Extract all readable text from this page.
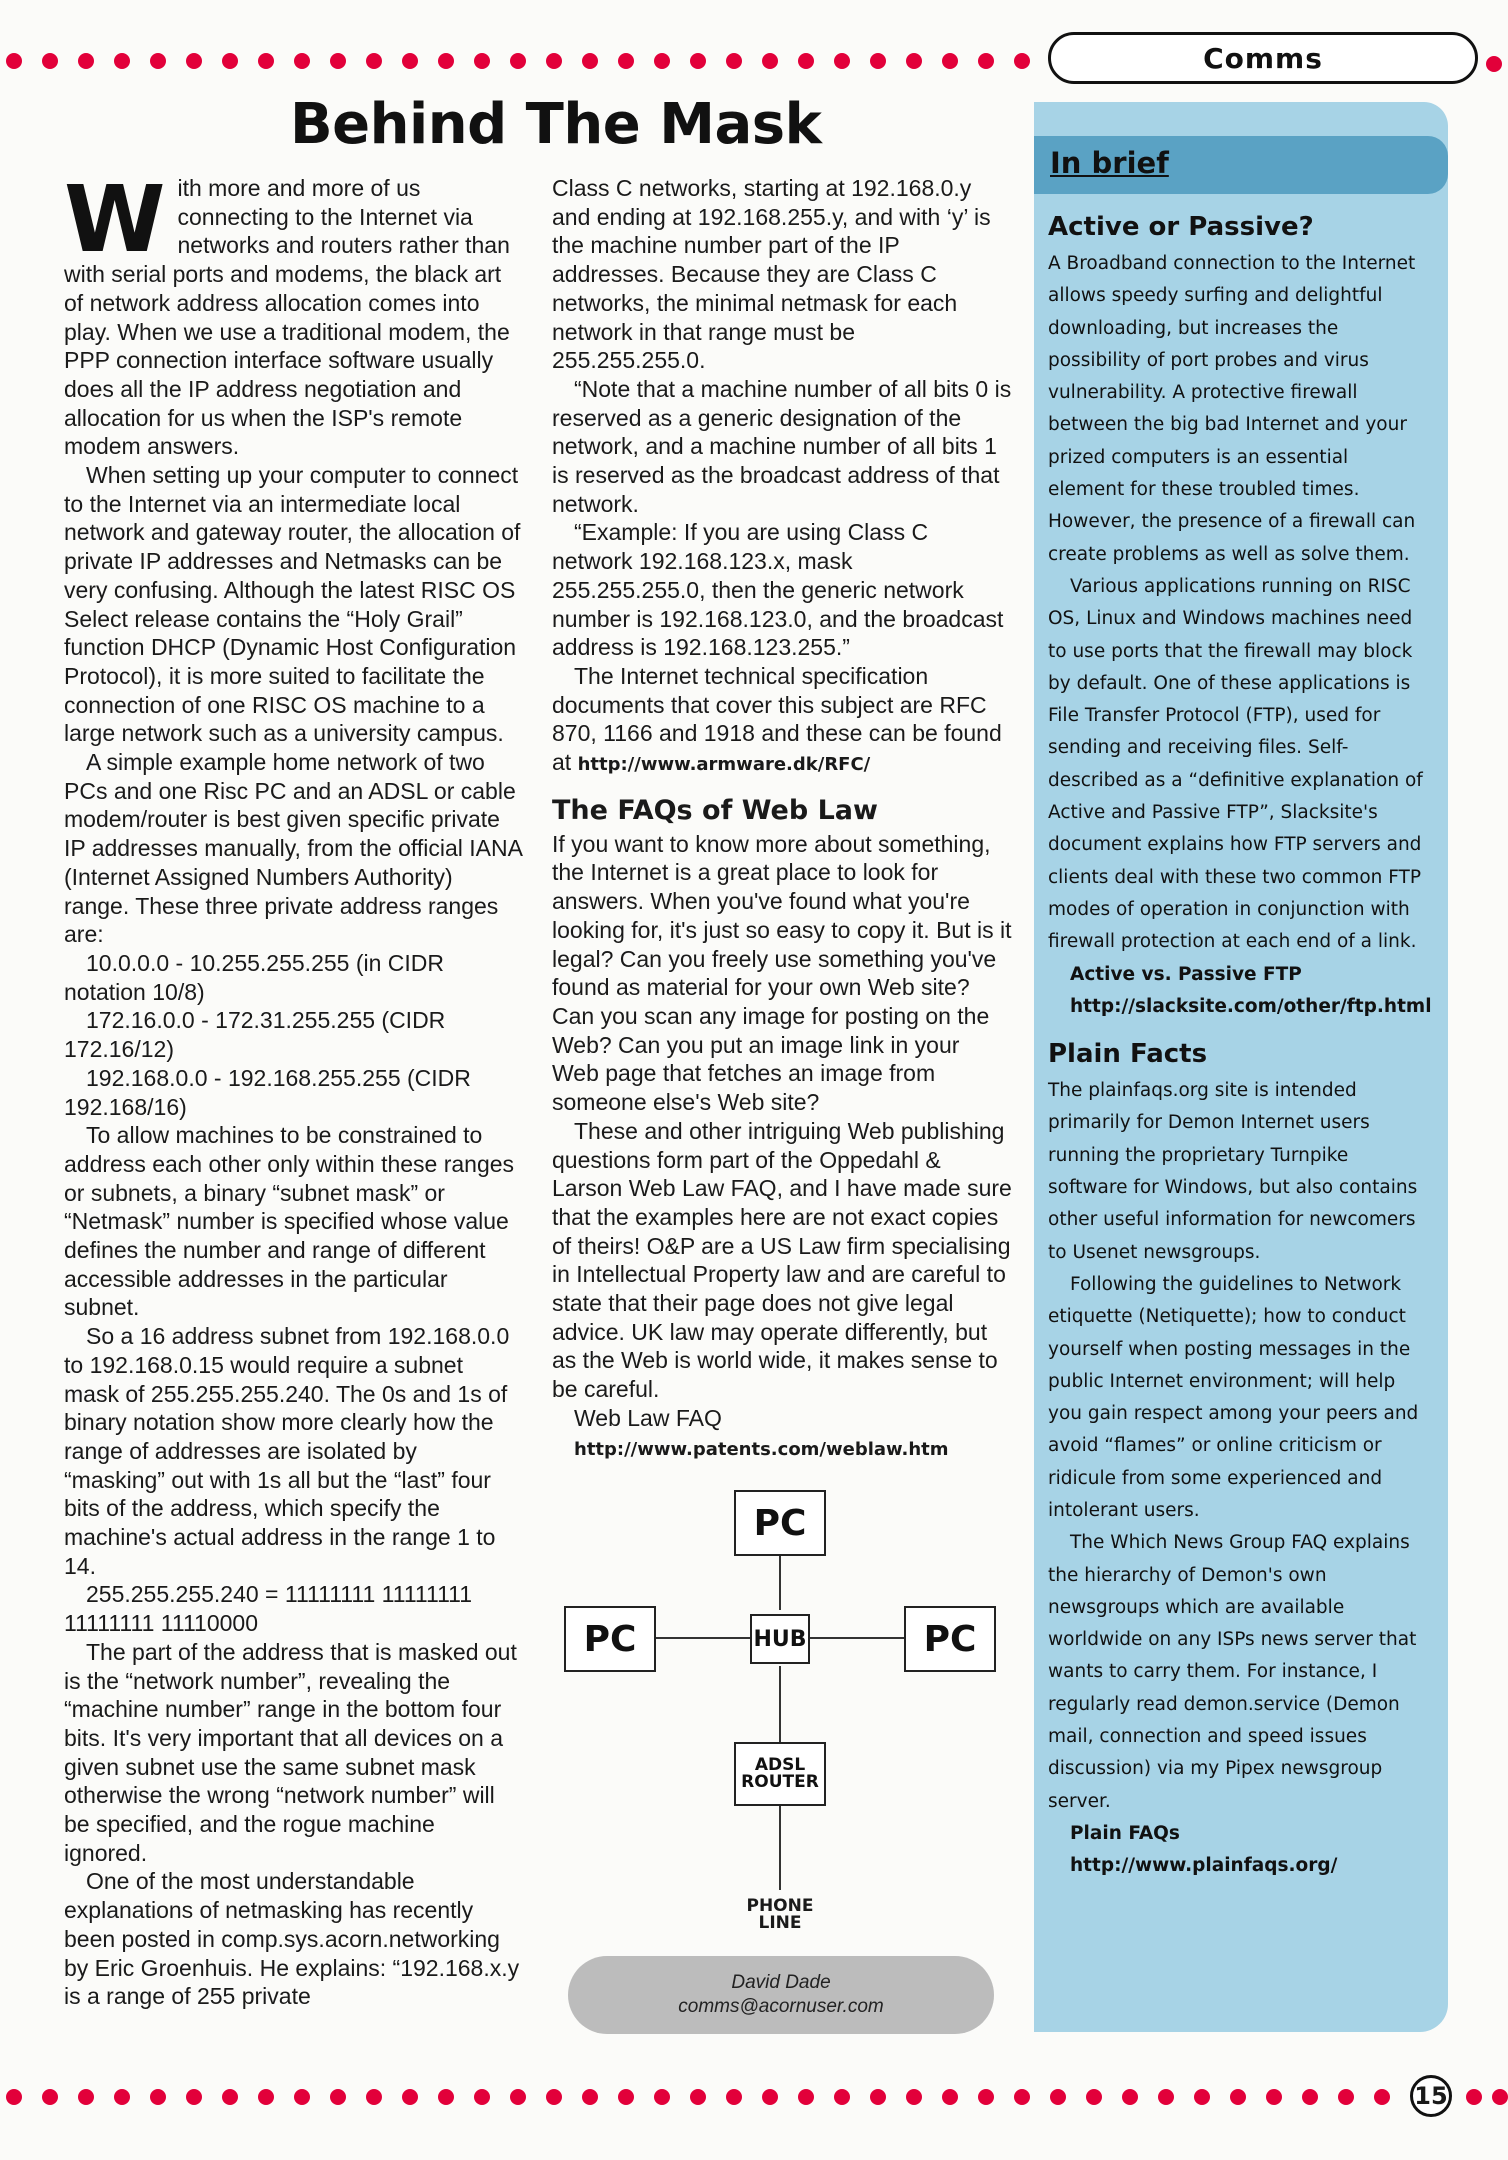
Comms
Behind The Mask

With more and more of us connecting to the Internet via networks and routers rather than with serial ports and modems, the black art of network address allocation comes into play. When we use a traditional modem, the PPP connection interface software usually does all the IP address negotiation and allocation for us when the ISP's remote modem answers.

When setting up your computer to connect to the Internet via an intermediate local network and gateway router, the allocation of private IP addresses and Netmasks can be very confusing. Although the latest RISC OS Select release contains the “Holy Grail” function DHCP (Dynamic Host Configuration Protocol), it is more suited to facilitate the connection of one RISC OS machine to a large network such as a university campus.

A simple example home network of two PCs and one Risc PC and an ADSL or cable modem/router is best given specific private IP addresses manually, from the official IANA (Internet Assigned Numbers Authority) range. These three private address ranges are:

10.0.0.0 - 10.255.255.255 (in CIDR notation 10/8)

172.16.0.0 - 172.31.255.255 (CIDR 172.16/12)

192.168.0.0 - 192.168.255.255 (CIDR 192.168/16)

To allow machines to be constrained to address each other only within these ranges or subnets, a binary “subnet mask” or “Netmask” number is specified whose value defines the number and range of different accessible addresses in the particular subnet.

So a 16 address subnet from 192.168.0.0 to 192.168.0.15 would require a subnet mask of 255.255.255.240. The 0s and 1s of binary notation show more clearly how the range of addresses are isolated by “masking” out with 1s all but the “last” four bits of the address, which specify the machine's actual address in the range 1 to 14.

255.255.255.240 = 11111111 11111111 11111111 11110000

The part of the address that is masked out is the “network number”, revealing the “machine number” range in the bottom four bits. It's very important that all devices on a given subnet use the same subnet mask otherwise the wrong “network number” will be specified, and the rogue machine ignored.

One of the most understandable explanations of netmasking has recently been posted in comp.sys.acorn.networking by Eric Groenhuis. He explains: “192.168.x.y is a range of 255 private

Class C networks, starting at 192.168.0.y and ending at 192.168.255.y, and with ‘y’ is the machine number part of the IP addresses. Because they are Class C networks, the minimal netmask for each network in that range must be 255.255.255.0.

“Note that a machine number of all bits 0 is reserved as a generic designation of the network, and a machine number of all bits 1 is reserved as the broadcast address of that network.

“Example: If you are using Class C network 192.168.123.x, mask 255.255.255.0, then the generic network number is 192.168.123.0, and the broadcast address is 192.168.123.255.”

The Internet technical specification documents that cover this subject are RFC 870, 1166 and 1918 and these can be found at http://www.armware.dk/RFC/

The FAQs of Web Law

If you want to know more about something, the Internet is a great place to look for answers. When you've found what you're looking for, it's just so easy to copy it. But is it legal? Can you freely use something you've found as material for your own Web site? Can you scan any image for posting on the Web? Can you put an image link in your Web page that fetches an image from someone else's Web site?

These and other intriguing Web publishing questions form part of the Oppedahl & Larson Web Law FAQ, and I have made sure that the examples here are not exact copies of theirs! O&P are a US Law firm specialising in Intellectual Property law and are careful to state that their page does not give legal advice. UK law may operate differently, but as the Web is world wide, it makes sense to be careful.

Web Law FAQ

http://www.patents.com/weblaw.htm

PC
PC	PC
HUB
ADSL
ROUTER
PHONE
LINE
David Dade
comms@acornuser.com
In brief
Active or Passive?

A Broadband connection to the Internet allows speedy surfing and delightful downloading, but increases the possibility of port probes and virus vulnerability. A protective firewall between the big bad Internet and your prized computers is an essential element for these troubled times. However, the presence of a firewall can create problems as well as solve them.

Various applications running on RISC OS, Linux and Windows machines need to use ports that the firewall may block by default. One of these applications is File Transfer Protocol (FTP), used for sending and receiving files. Self-described as a “definitive explanation of Active and Passive FTP”, Slacksite's document explains how FTP servers and clients deal with these two common FTP modes of operation in conjunction with firewall protection at each end of a link.

Active vs. Passive FTP

http://slacksite.com/other/ftp.html

Plain Facts

The plainfaqs.org site is intended primarily for Demon Internet users running the proprietary Turnpike software for Windows, but also contains other useful information for newcomers to Usenet newsgroups.

Following the guidelines to Network etiquette (Netiquette); how to conduct yourself when posting messages in the public Internet environment; will help you gain respect among your peers and avoid “flames” or online criticism or ridicule from some experienced and intolerant users.

The Which News Group FAQ explains the hierarchy of Demon's own newsgroups which are available worldwide on any ISPs news server that wants to carry them. For instance, I regularly read demon.service (Demon mail, connection and speed issues discussion) via my Pipex newsgroup server.

Plain FAQs

http://www.plainfaqs.org/

15
